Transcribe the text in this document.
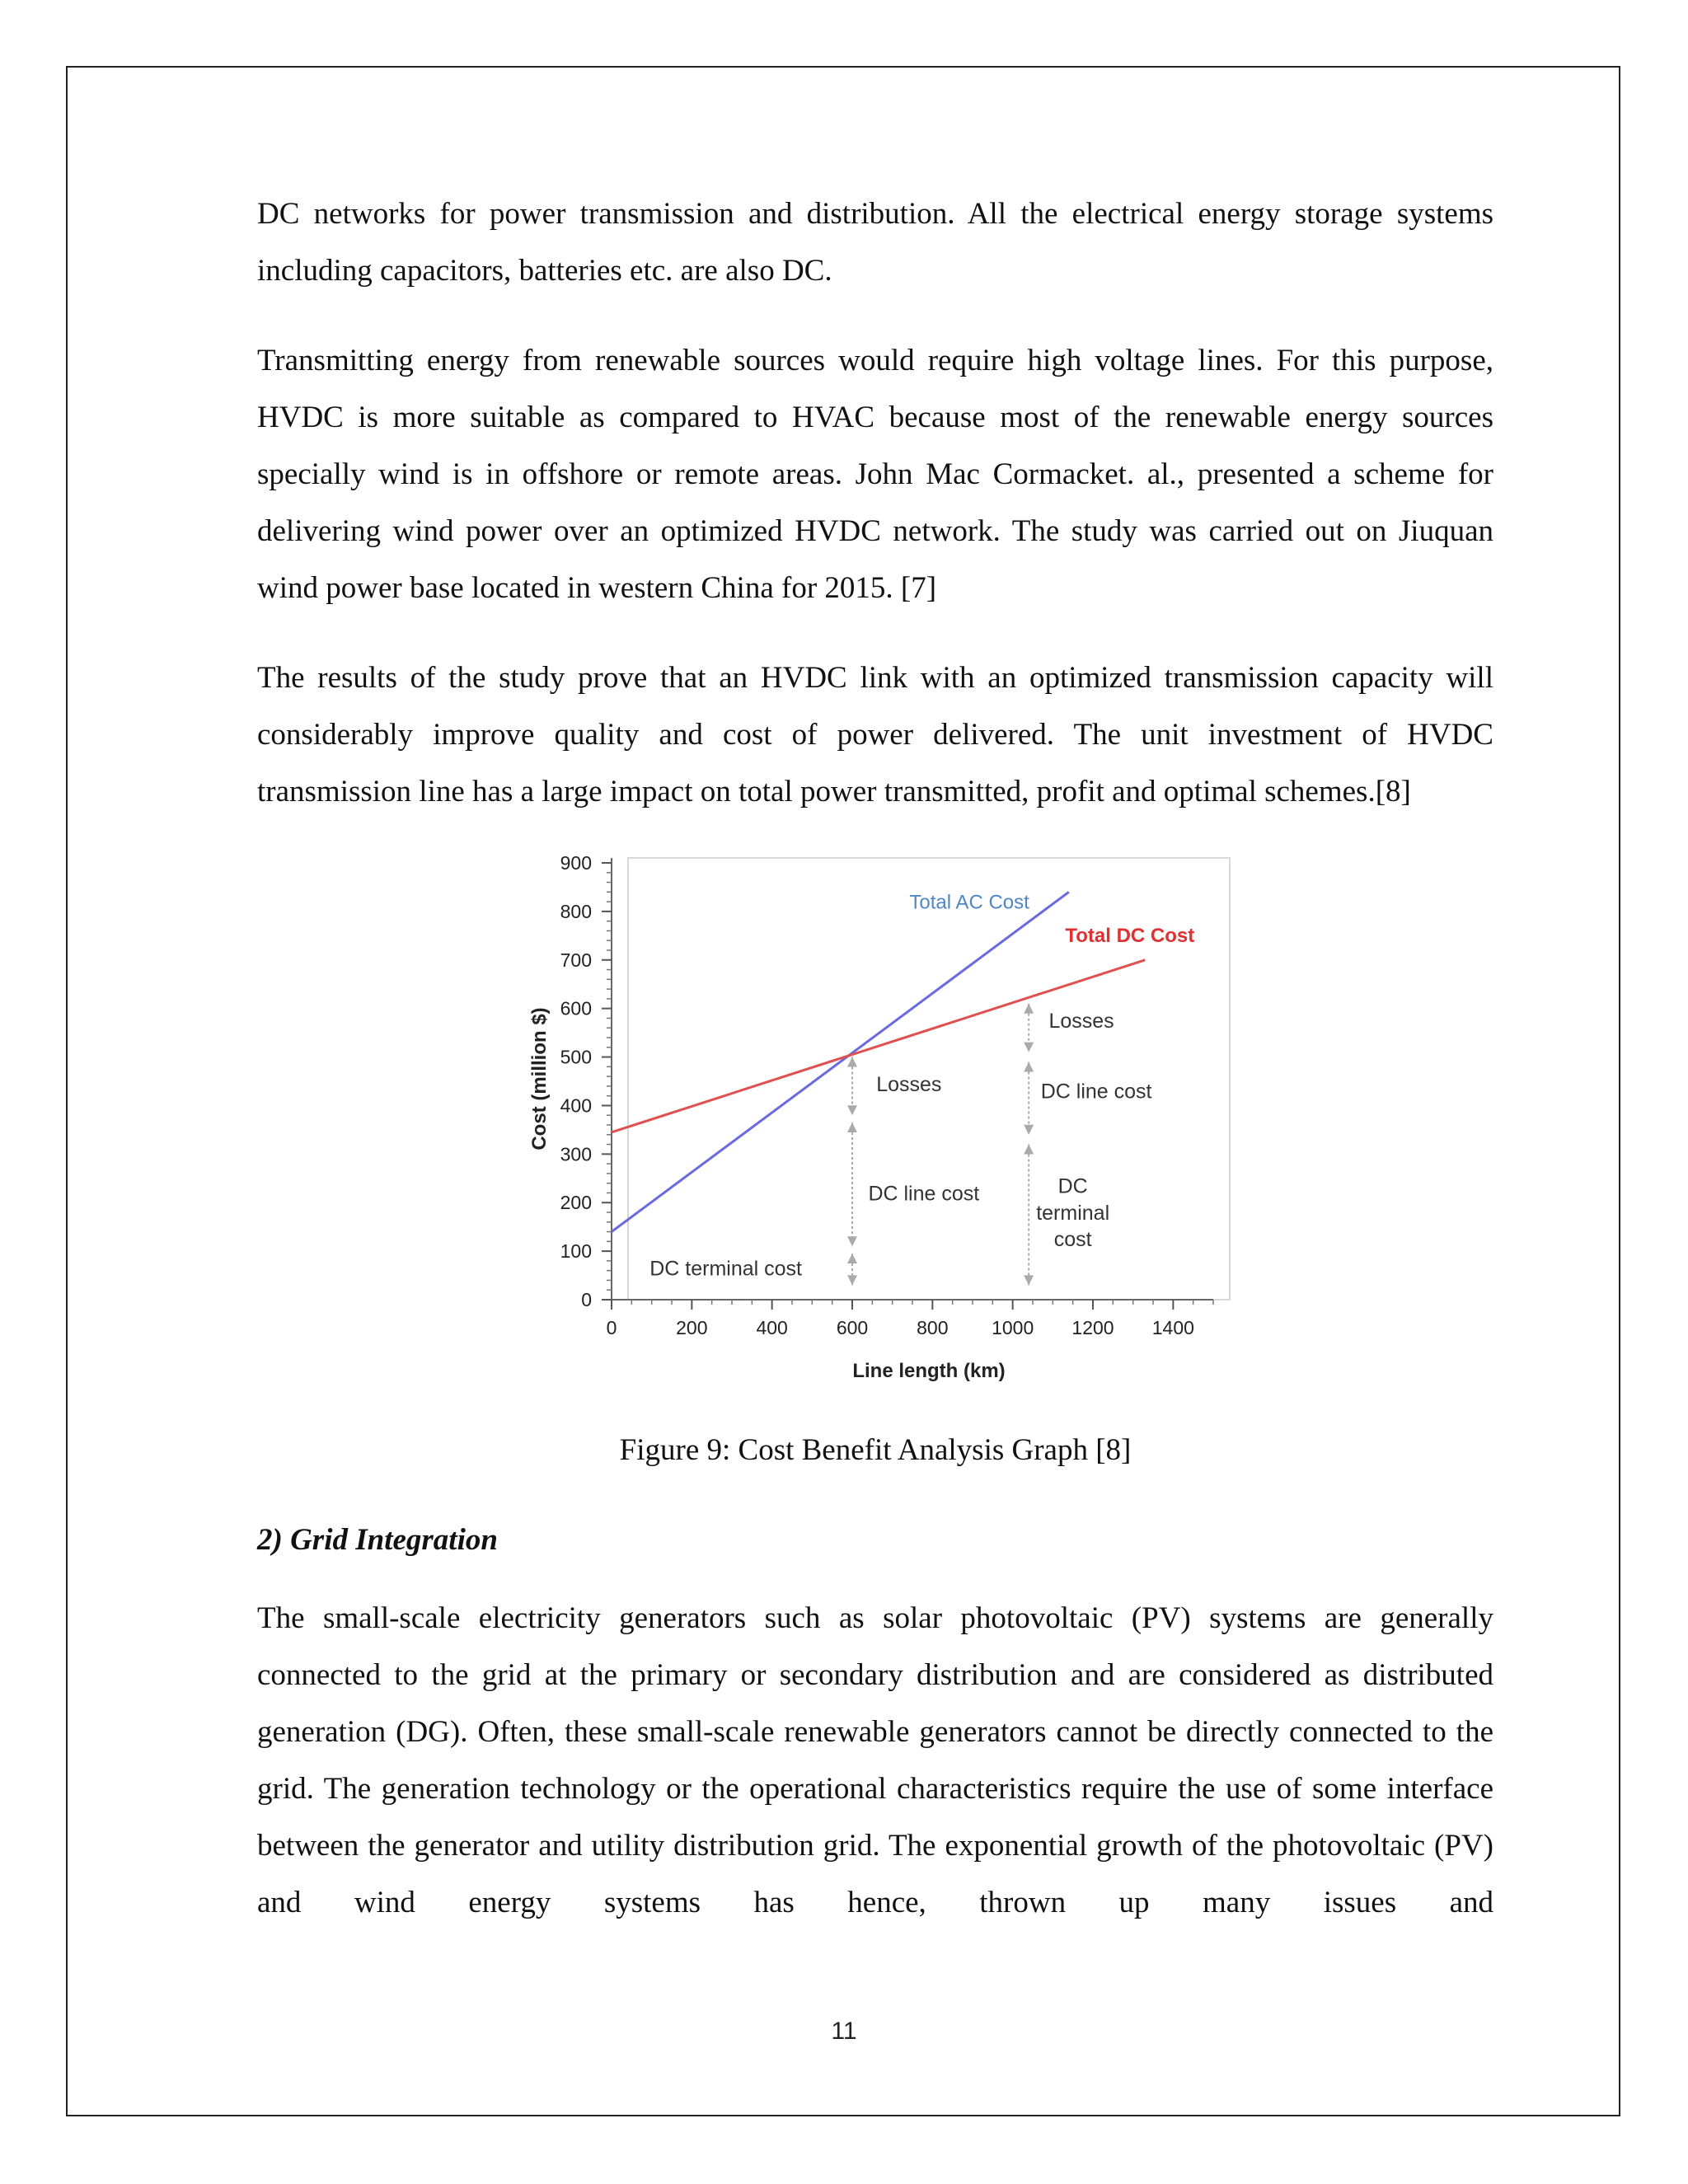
DC networks for power transmission and distribution. All the electrical energy storage systems including capacitors, batteries etc. are also DC.

Transmitting energy from renewable sources would require high voltage lines. For this purpose, HVDC is more suitable as compared to HVAC because most of the renewable energy sources specially wind is in offshore or remote areas. John Mac Cormacket. al., presented a scheme for delivering wind power over an optimized HVDC network. The study was carried out on Jiuquan wind power base located in western China for 2015. [7]

The results of the study prove that an HVDC link with an optimized transmission capacity will considerably improve quality and cost of power delivered. The unit investment of HVDC transmission line has a large impact on total power transmitted, profit and optimal schemes.[8]

0
100
200
300
400
500
600
700
800
900
0	200	400	600	800 1000 1200 1400
Total AC Cost
Total DC Cost
Losses
DC line cost
DC terminal cost
Losses
DC line cost
DC
terminal
cost
Cost (million $)
Line length (km)
Figure 9: Cost Benefit Analysis Graph [8]
2) Grid Integration

The small-scale electricity generators such as solar photovoltaic (PV) systems are generally connected to the grid at the primary or secondary distribution and are considered as distributed generation (DG). Often, these small-scale renewable generators cannot be directly connected to the grid. The generation technology or the operational characteristics require the use of some interface between the generator and utility distribution grid. The exponential growth of the photovoltaic (PV) and wind energy systems has hence, thrown up many issues and

11
